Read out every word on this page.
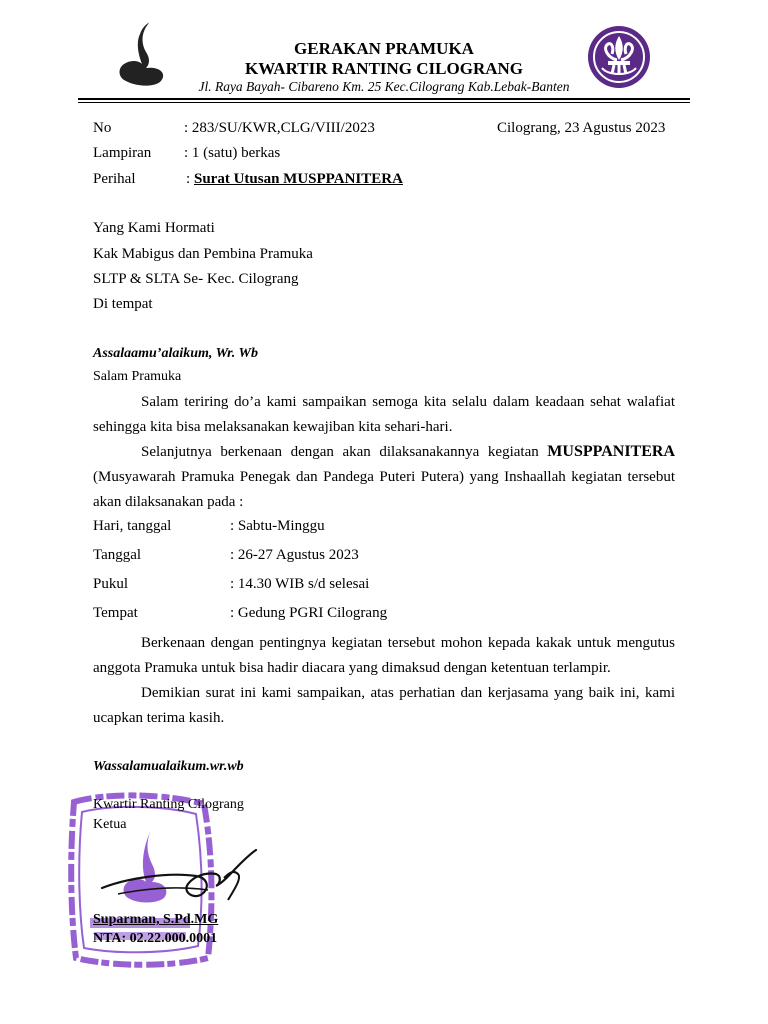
GERAKAN PRAMUKA
KWARTIR RANTING CILOGRANG
Jl. Raya Bayah- Cibareno Km. 25 Kec.Cilograng Kab.Lebak-Banten
No	: 283/SU/KWR,CLG/VIII/2023	Cilograng, 23 Agustus 2023
Lampiran : 1 (satu) berkas
Perihal	: Surat Utusan MUSPPANITERA
Yang Kami Hormati
Kak Mabigus dan Pembina Pramuka
SLTP & SLTA Se- Kec. Cilograng
Di tempat
Assalaamu’alaikum, Wr. Wb
Salam Pramuka
Salam teriring do’a kami sampaikan semoga kita selalu dalam keadaan sehat walafiat sehingga kita bisa melaksanakan kewajiban kita sehari-hari.
Selanjutnya berkenaan dengan akan dilaksanakannya kegiatan MUSPPANITERA (Musyawarah Pramuka Penegak dan Pandega Puteri Putera) yang Inshaallah kegiatan tersebut akan dilaksanakan pada :
Hari, tanggal	: Sabtu-Minggu
Tanggal	: 26-27 Agustus 2023
Pukul	: 14.30 WIB s/d selesai
Tempat	: Gedung PGRI Cilograng
Berkenaan dengan pentingnya kegiatan tersebut mohon kepada kakak untuk mengutus anggota Pramuka untuk bisa hadir diacara yang dimaksud dengan ketentuan terlampir.
Demikian surat ini kami sampaikan, atas perhatian dan kerjasama yang baik ini, kami ucapkan terima kasih.
Wassalamualaikum.wr.wb
Kwartir Ranting Cilograng
Ketua
Suparman, S.Pd.MG
NTA: 02.22.000.0001
